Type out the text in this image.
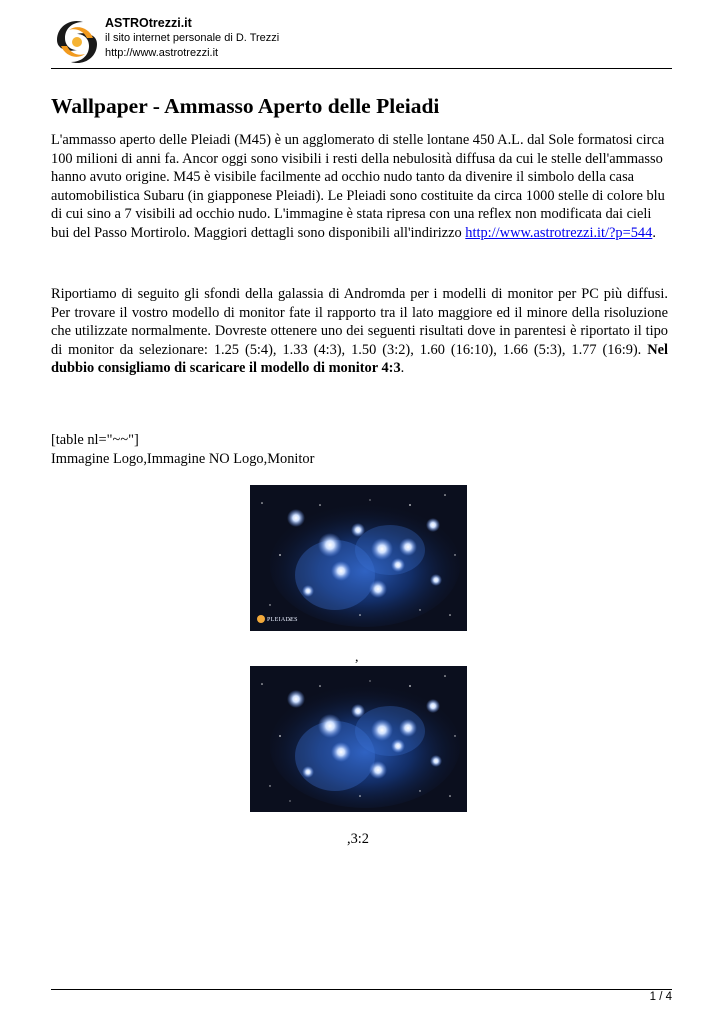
ASTROtrezzi.it
il sito internet personale di D. Trezzi
http://www.astrotrezzi.it
Wallpaper - Ammasso Aperto delle Pleiadi

L'ammasso aperto delle Pleiadi (M45) è un agglomerato di stelle lontane 450 A.L. dal Sole formatosi circa 100 milioni di anni fa. Ancor oggi sono visibili i resti della nebulosità diffusa da cui le stelle dell'ammasso hanno avuto origine. M45 è visibile facilmente ad occhio nudo tanto da divenire il simbolo della casa automobilistica Subaru (in giapponese Pleiadi). Le Pleiadi sono costituite da circa 1000 stelle di colore blu di cui sino a 7 visibili ad occhio nudo. L'immagine è stata ripresa con una reflex non modificata dai cieli bui del Passo Mortirolo. Maggiori dettagli sono disponibili all'indirizzo http://www.astrotrezzi.it/?p=544.

Riportiamo di seguito gli sfondi della galassia di Andromda per i modelli di monitor per PC più diffusi. Per trovare il vostro modello di monitor fate il rapporto tra il lato maggiore ed il minore della risoluzione che utilizzate normalmente. Dovreste ottenere uno dei seguenti risultati dove in parentesi è riportato il tipo di monitor da selezionare: 1.25 (5:4), 1.33 (4:3), 1.50 (3:2), 1.60 (16:10), 1.66 (5:3), 1.77 (16:9). Nel dubbio consigliamo di scaricare il modello di monitor 4:3.

[table nl="~~"]
Immagine Logo,Immagine NO Logo,Monitor
PLEIADES
,
,3:2
1 / 4
